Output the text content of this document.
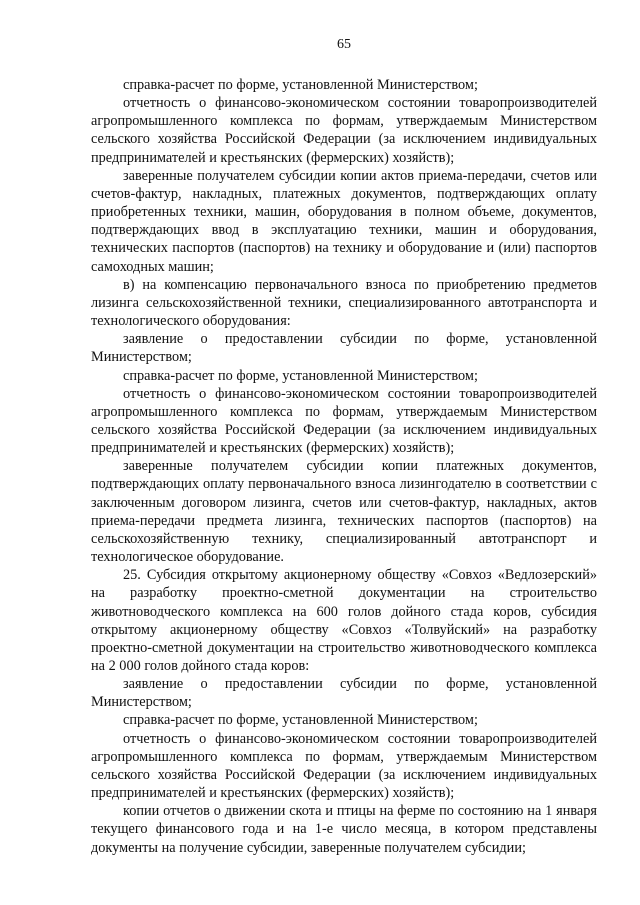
65

справка-расчет по форме, установленной Министерством;

отчетность о финансово-экономическом состоянии товаропроизводителей агропромышленного комплекса по формам, утверждаемым Министерством сельского хозяйства Российской Федерации (за исключением индивидуальных предпринимателей и крестьянских (фермерских) хозяйств);

заверенные получателем субсидии копии актов приема-передачи, счетов или счетов-фактур, накладных, платежных документов, подтверждающих оплату приобретенных техники, машин, оборудования в полном объеме, документов, подтверждающих ввод в эксплуатацию техники, машин и оборудования, технических паспортов (паспортов) на технику и оборудование и (или) паспортов самоходных машин;

в) на компенсацию первоначального взноса по приобретению предметов лизинга сельскохозяйственной техники, специализированного автотранспорта и технологического оборудования:

заявление о предоставлении субсидии по форме, установленной Министерством;

справка-расчет по форме, установленной Министерством;

отчетность о финансово-экономическом состоянии товаропроизводителей агропромышленного комплекса по формам, утверждаемым Министерством сельского хозяйства Российской Федерации (за исключением индивидуальных предпринимателей и крестьянских (фермерских) хозяйств);

заверенные получателем субсидии копии платежных документов, подтверждающих оплату первоначального взноса лизингодателю в соответствии с заключенным договором лизинга, счетов или счетов-фактур, накладных, актов приема-передачи предмета лизинга, технических паспортов (паспортов) на сельскохозяйственную технику, специализированный автотранспорт и технологическое оборудование.

25. Субсидия открытому акционерному обществу «Совхоз «Ведлозерский» на разработку проектно-сметной документации на строительство животноводческого комплекса на 600 голов дойного стада коров, субсидия открытому акционерному обществу «Совхоз «Толвуйский» на разработку проектно-сметной документации на строительство животноводческого комплекса на 2 000 голов дойного стада коров:

заявление о предоставлении субсидии по форме, установленной Министерством;

справка-расчет по форме, установленной Министерством;

отчетность о финансово-экономическом состоянии товаропроизводителей агропромышленного комплекса по формам, утверждаемым Министерством сельского хозяйства Российской Федерации (за исключением индивидуальных предпринимателей и крестьянских (фермерских) хозяйств);

копии отчетов о движении скота и птицы на ферме по состоянию на 1 января текущего финансового года и на 1-е число месяца, в котором представлены документы на получение субсидии, заверенные получателем субсидии;
